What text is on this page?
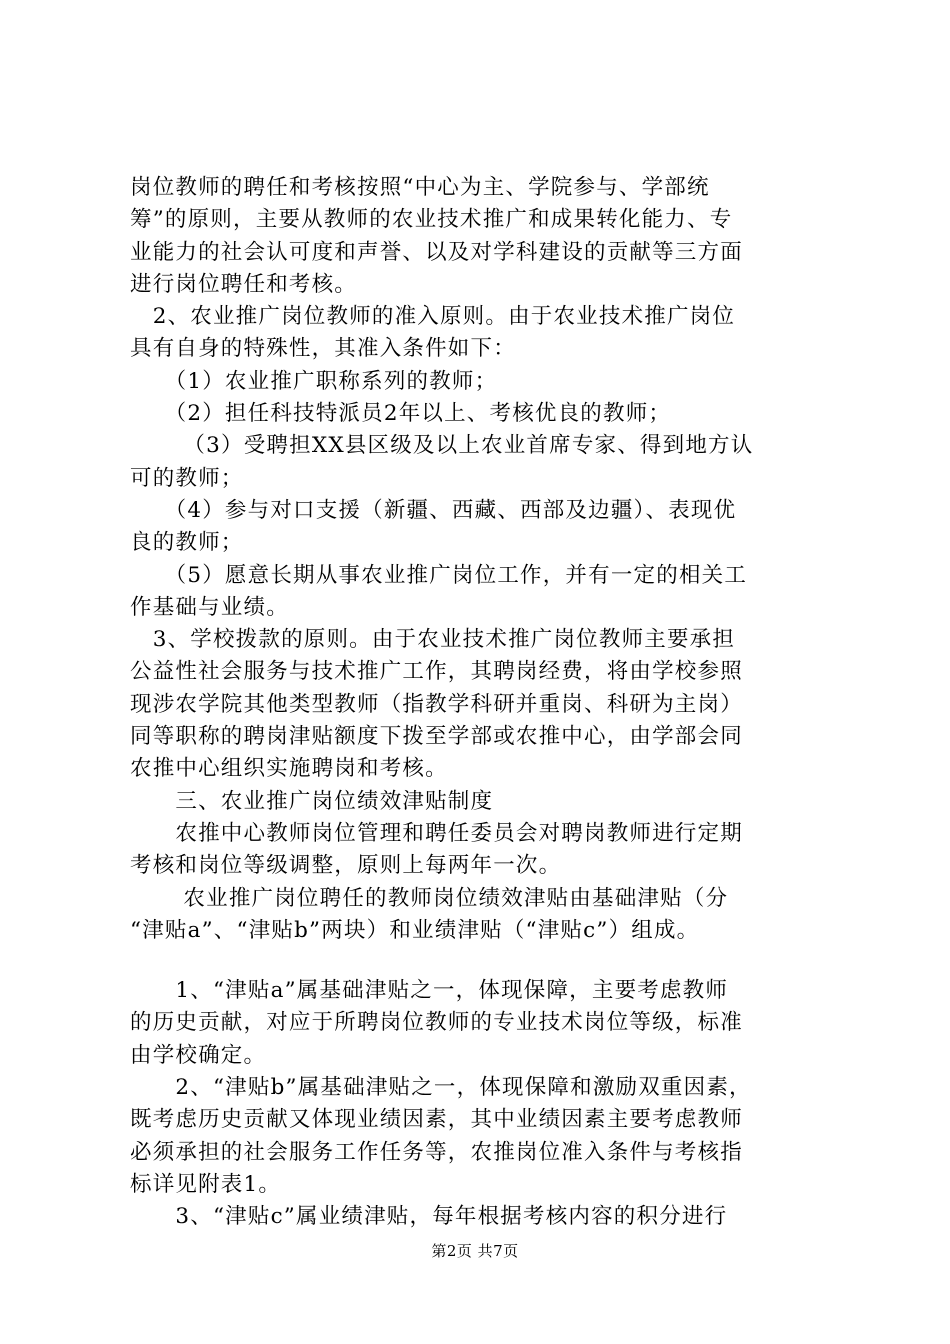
岗位教师的聘任和考核按照“中心为主、学院参与、学部统
筹”的原则，主要从教师的农业技术推广和成果转化能力、专
业能力的社会认可度和声誉、以及对学科建设的贡献等三方面
进行岗位聘任和考核。
　2、农业推广岗位教师的准入原则。由于农业技术推广岗位
具有自身的特殊性，其准入条件如下：
　　（1）农业推广职称系列的教师；
　　（2）担任科技特派员2年以上、考核优良的教师；
　　 （3）受聘担XX县区级及以上农业首席专家、得到地方认
可的教师；
　　（4）参与对口支援（新疆、西藏、西部及边疆）、表现优
良的教师；
　　（5）愿意长期从事农业推广岗位工作，并有一定的相关工
作基础与业绩。
　3、学校拨款的原则。由于农业技术推广岗位教师主要承担
公益性社会服务与技术推广工作，其聘岗经费，将由学校参照
现涉农学院其他类型教师（指教学科研并重岗、科研为主岗）
同等职称的聘岗津贴额度下拨至学部或农推中心，由学部会同
农推中心组织实施聘岗和考核。
　　三、农业推广岗位绩效津贴制度
　　农推中心教师岗位管理和聘任委员会对聘岗教师进行定期
考核和岗位等级调整，原则上每两年一次。
　　 农业推广岗位聘任的教师岗位绩效津贴由基础津贴（分
“津贴a”、“津贴b”两块）和业绩津贴（“津贴c”）组成。
　　1、“津贴a”属基础津贴之一，体现保障，主要考虑教师
的历史贡献，对应于所聘岗位教师的专业技术岗位等级，标准
由学校确定。
　　2、“津贴b”属基础津贴之一，体现保障和激励双重因素，
既考虑历史贡献又体现业绩因素，其中业绩因素主要考虑教师
必须承担的社会服务工作任务等，农推岗位准入条件与考核指
标详见附表1。
　　3、“津贴c”属业绩津贴，每年根据考核内容的积分进行
第2页 共7页
